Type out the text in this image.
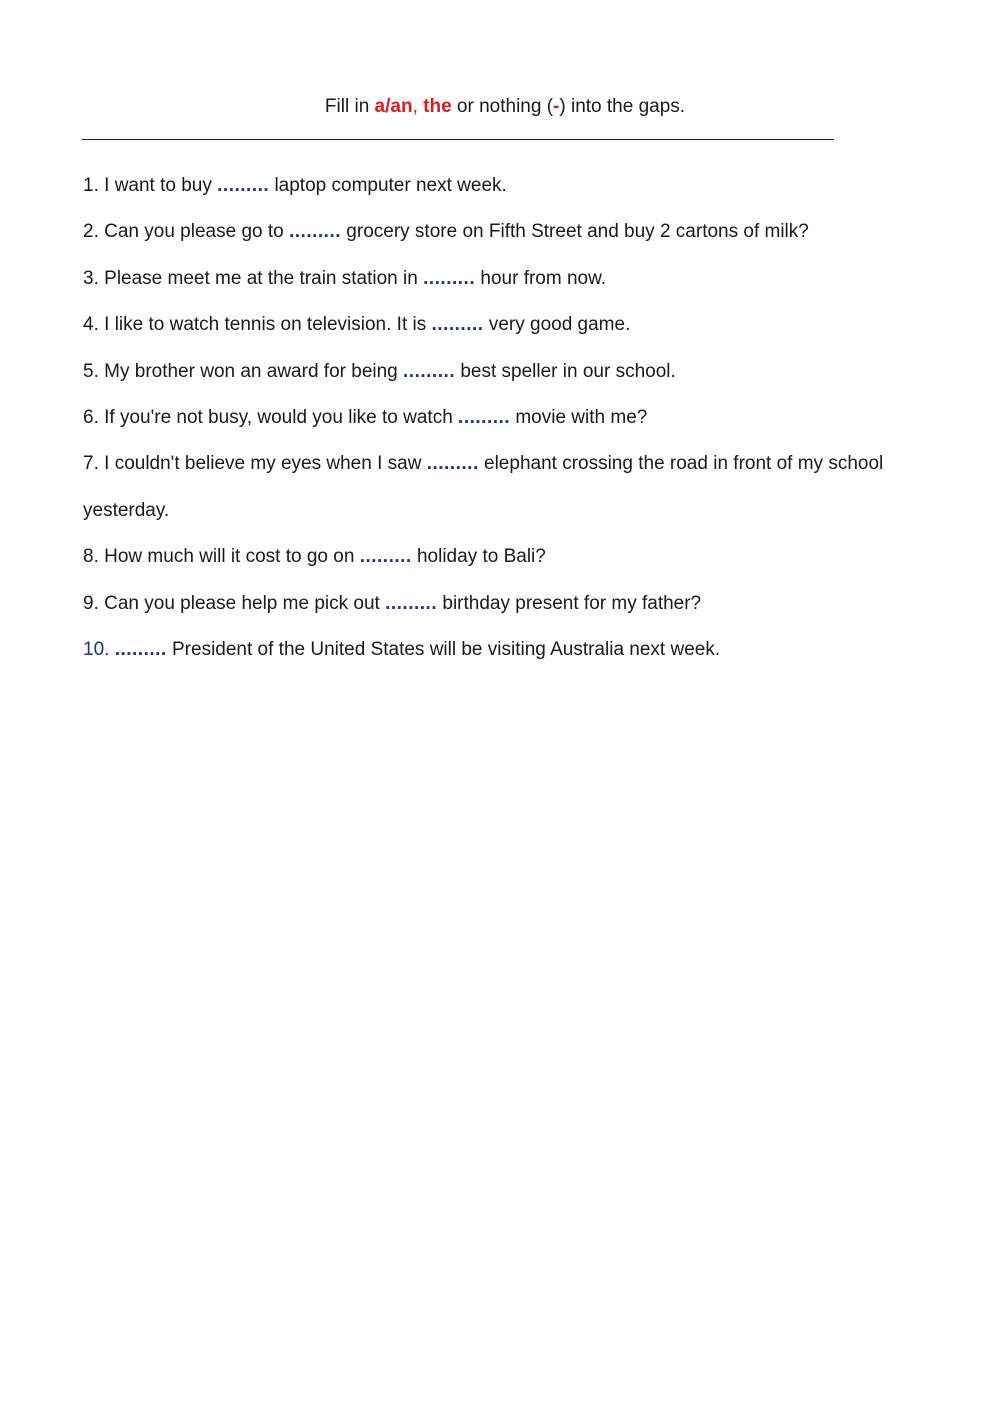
Fill in a/an, the or nothing (-) into the gaps.
1. I want to buy ......... laptop computer next week.
2. Can you please go to ......... grocery store on Fifth Street and buy 2 cartons of milk?
3. Please meet me at the train station in ......... hour from now.
4. I like to watch tennis on television. It is ......... very good game.
5. My brother won an award for being ......... best speller in our school.
6. If you're not busy, would you like to watch ......... movie with me?
7. I couldn't believe my eyes when I saw ......... elephant crossing the road in front of my school yesterday.
8. How much will it cost to go on ......... holiday to Bali?
9. Can you please help me pick out ......... birthday present for my father?
10. ......... President of the United States will be visiting Australia next week.
